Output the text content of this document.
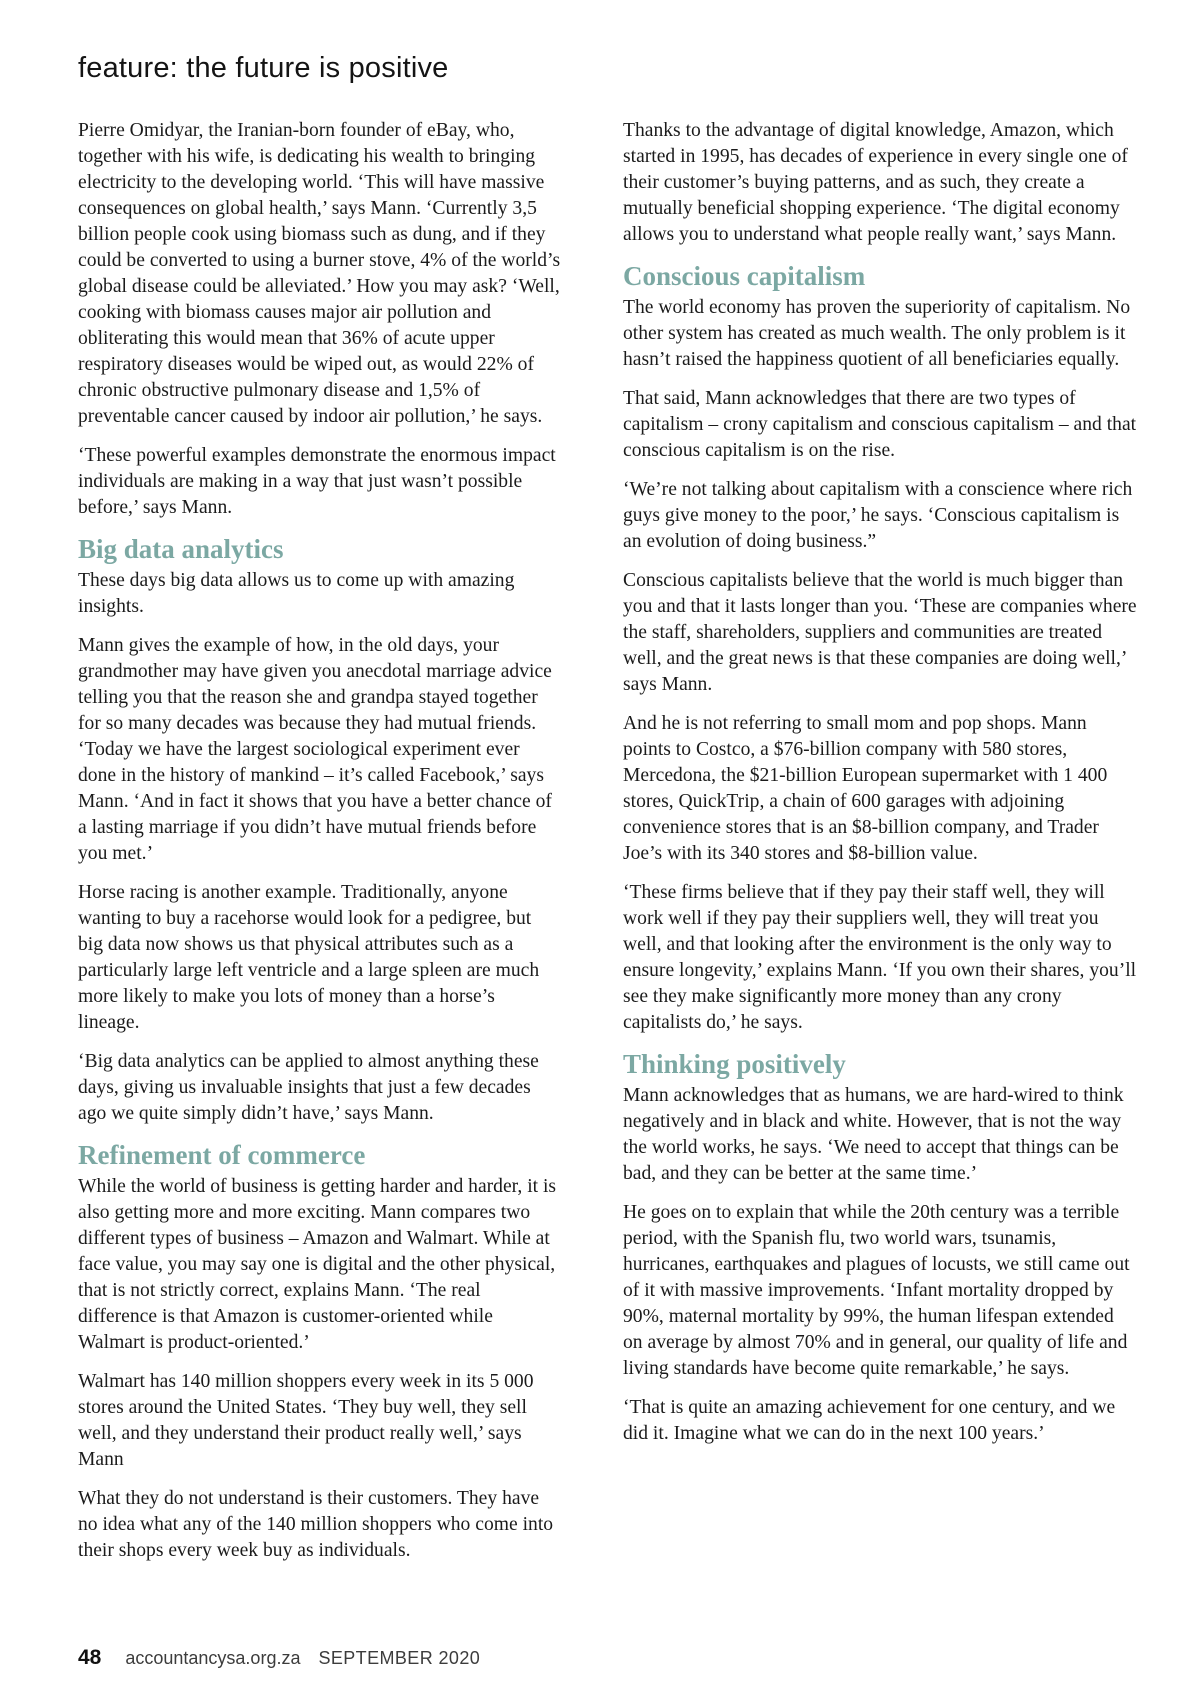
feature: the future is positive

Pierre Omidyar, the Iranian-born founder of eBay, who, together with his wife, is dedicating his wealth to bringing electricity to the developing world. ‘This will have massive consequences on global health,’ says Mann. ‘Currently 3,5 billion people cook using biomass such as dung, and if they could be converted to using a burner stove, 4% of the world’s global disease could be alleviated.’ How you may ask? ‘Well, cooking with biomass causes major air pollution and obliterating this would mean that 36% of acute upper respiratory diseases would be wiped out, as would 22% of chronic obstructive pulmonary disease and 1,5% of preventable cancer caused by indoor air pollution,’ he says.

‘These powerful examples demonstrate the enormous impact individuals are making in a way that just wasn’t possible before,’ says Mann.

Big data analytics

These days big data allows us to come up with amazing insights.

Mann gives the example of how, in the old days, your grandmother may have given you anecdotal marriage advice telling you that the reason she and grandpa stayed together for so many decades was because they had mutual friends. ‘Today we have the largest sociological experiment ever done in the history of mankind – it’s called Facebook,’ says Mann. ‘And in fact it shows that you have a better chance of a lasting marriage if you didn’t have mutual friends before you met.’

Horse racing is another example. Traditionally, anyone wanting to buy a racehorse would look for a pedigree, but big data now shows us that physical attributes such as a particularly large left ventricle and a large spleen are much more likely to make you lots of money than a horse’s lineage.

‘Big data analytics can be applied to almost anything these days, giving us invaluable insights that just a few decades ago we quite simply didn’t have,’ says Mann.

Refinement of commerce

While the world of business is getting harder and harder, it is also getting more and more exciting. Mann compares two different types of business – Amazon and Walmart. While at face value, you may say one is digital and the other physical, that is not strictly correct, explains Mann. ‘The real difference is that Amazon is customer-oriented while Walmart is product-oriented.’

Walmart has 140 million shoppers every week in its 5 000 stores around the United States. ‘They buy well, they sell well, and they understand their product really well,’ says Mann

What they do not understand is their customers. They have no idea what any of the 140 million shoppers who come into their shops every week buy as individuals.

Thanks to the advantage of digital knowledge, Amazon, which started in 1995, has decades of experience in every single one of their customer’s buying patterns, and as such, they create a mutually beneficial shopping experience. ‘The digital economy allows you to understand what people really want,’ says Mann.

Conscious capitalism

The world economy has proven the superiority of capitalism. No other system has created as much wealth. The only problem is it hasn’t raised the happiness quotient of all beneficiaries equally.

That said, Mann acknowledges that there are two types of capitalism – crony capitalism and conscious capitalism – and that conscious capitalism is on the rise.

‘We’re not talking about capitalism with a conscience where rich guys give money to the poor,’ he says. ‘Conscious capitalism is an evolution of doing business.”

Conscious capitalists believe that the world is much bigger than you and that it lasts longer than you. ‘These are companies where the staff, shareholders, suppliers and communities are treated well, and the great news is that these companies are doing well,’ says Mann.

And he is not referring to small mom and pop shops. Mann points to Costco, a $76-billion company with 580 stores, Mercedona, the $21-billion European supermarket with 1 400 stores, QuickTrip, a chain of 600 garages with adjoining convenience stores that is an $8-billion company, and Trader Joe’s with its 340 stores and $8-billion value.

‘These firms believe that if they pay their staff well, they will work well if they pay their suppliers well, they will treat you well, and that looking after the environment is the only way to ensure longevity,’ explains Mann. ‘If you own their shares, you’ll see they make significantly more money than any crony capitalists do,’ he says.

Thinking positively

Mann acknowledges that as humans, we are hard-wired to think negatively and in black and white. However, that is not the way the world works, he says. ‘We need to accept that things can be bad, and they can be better at the same time.’

He goes on to explain that while the 20th century was a terrible period, with the Spanish flu, two world wars, tsunamis, hurricanes, earthquakes and plagues of locusts, we still came out of it with massive improvements. ‘Infant mortality dropped by 90%, maternal mortality by 99%, the human lifespan extended on average by almost 70% and in general, our quality of life and living standards have become quite remarkable,’ he says.

‘That is quite an amazing achievement for one century, and we did it. Imagine what we can do in the next 100 years.’

48 accountancysa.org.za SEPTEMBER 2020
